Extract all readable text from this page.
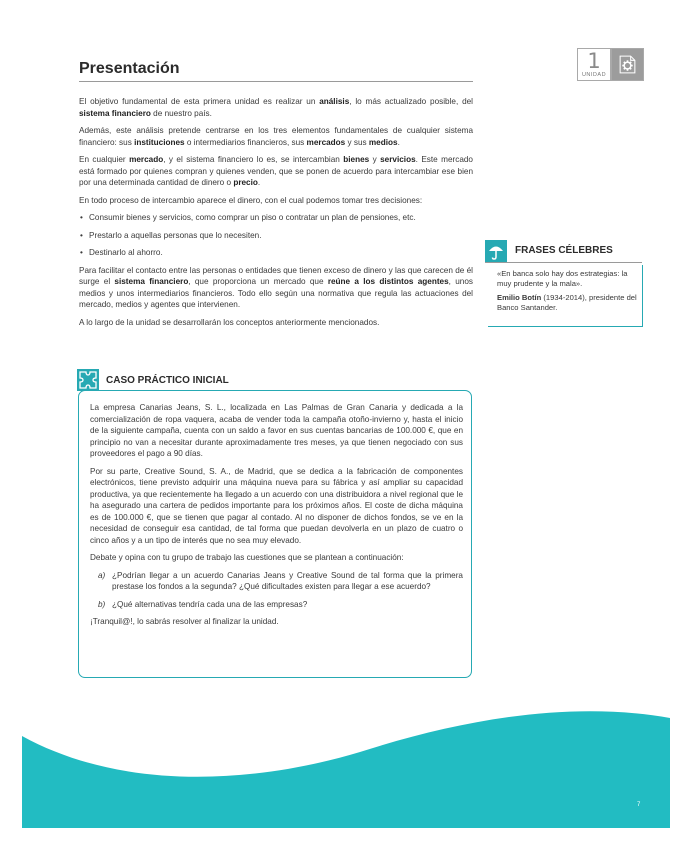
Presentación	1
UNIDAD

El objetivo fundamental de esta primera unidad es realizar un análisis, lo más actualizado posible, del sistema financiero de nuestro país.

Además, este análisis pretende centrarse en los tres elementos fundamentales de cualquier sistema financiero: sus instituciones o intermediarios financieros, sus mercados y sus medios.

En cualquier mercado, y el sistema financiero lo es, se intercambian bienes y servicios. Este mercado está formado por quienes compran y quienes venden, que se ponen de acuerdo para intercambiar ese bien por una determinada cantidad de dinero o precio.

En todo proceso de intercambio aparece el dinero, con el cual podemos tomar tres decisiones:

• Consumir bienes y servicios, como comprar un piso o contratar un plan de pensiones, etc.
• Prestarlo a aquellas personas que lo necesiten.
• Destinarlo al ahorro.

Para facilitar el contacto entre las personas o entidades que tienen exceso de dinero y las que carecen de él surge el sistema financiero, que proporciona un mercado que reúne a los distintos agentes, unos medios y unos intermediarios financieros. Todo ello según una normativa que regula las actuaciones del mercado, medios y agentes que intervienen.

A lo largo de la unidad se desarrollarán los conceptos anteriormente mencionados.

FRASES CÉLEBRES

«En banca solo hay dos estrategias: la muy prudente y la mala».

Emilio Botín (1934-2014), presidente del Banco Santander.

CASO PRÁCTICO INICIAL

La empresa Canarias Jeans, S. L., localizada en Las Palmas de Gran Canaria y dedicada a la comercialización de ropa vaquera, acaba de vender toda la campaña otoño-invierno y, hasta el inicio de la siguiente campaña, cuenta con un saldo a favor en sus cuentas bancarias de 100.000 €, que en principio no van a necesitar durante aproximadamente tres meses, ya que tienen negociado con sus proveedores el pago a 90 días.

Por su parte, Creative Sound, S. A., de Madrid, que se dedica a la fabricación de componentes electrónicos, tiene previsto adquirir una máquina nueva para su fábrica y así ampliar su capacidad productiva, ya que recientemente ha llegado a un acuerdo con una distribuidora a nivel regional que le ha asegurado una cartera de pedidos importante para los próximos años. El coste de dicha máquina es de 100.000 €, que se tienen que pagar al contado. Al no disponer de dichos fondos, se ve en la necesidad de conseguir esa cantidad, de tal forma que puedan devolverla en un plazo de cuatro o cinco años y a un tipo de interés que no sea muy elevado.

Debate y opina con tu grupo de trabajo las cuestiones que se plantean a continuación:

a) ¿Podrían llegar a un acuerdo Canarias Jeans y Creative Sound de tal forma que la primera prestase los fondos a la segunda? ¿Qué dificultades existen para llegar a ese acuerdo?
b) ¿Qué alternativas tendría cada una de las empresas?

¡Tranquil@!, lo sabrás resolver al finalizar la unidad.

7
